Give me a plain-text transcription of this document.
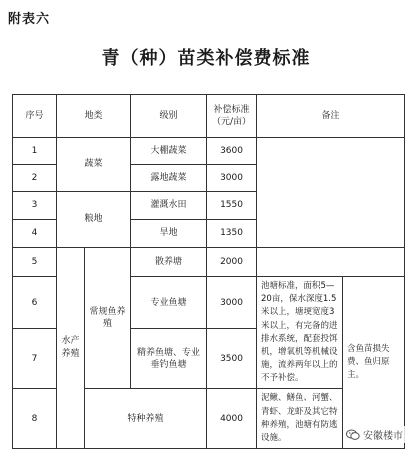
附表六
青（种）苗类补偿费标准
序号	地类		级别	补偿标准（元/亩）	备注	
1	蔬菜		大棚蔬菜	3600		
2			露地蔬菜	3000		
3	粮地		灌溉水田	1550		
4			旱地	1350		
5	水产养殖	常规鱼养殖	散养塘	2000		
6			专业鱼塘	3000	池塘标准，面积5—20亩，保水深度1.5米以上，塘埂宽度3米以上，有完备的进排水系统，配套投饵机，增氧机等机械设施，流养两年以上的不予补偿。	含鱼苗损失费、鱼归原主。
7			精养鱼塘、专业垂钓鱼塘	3500		
8		特种养殖		4000	泥鳅、鳝鱼、河蟹、青虾、龙虾及其它特种养殖，池塘有防逃设施。		安徽楼市
